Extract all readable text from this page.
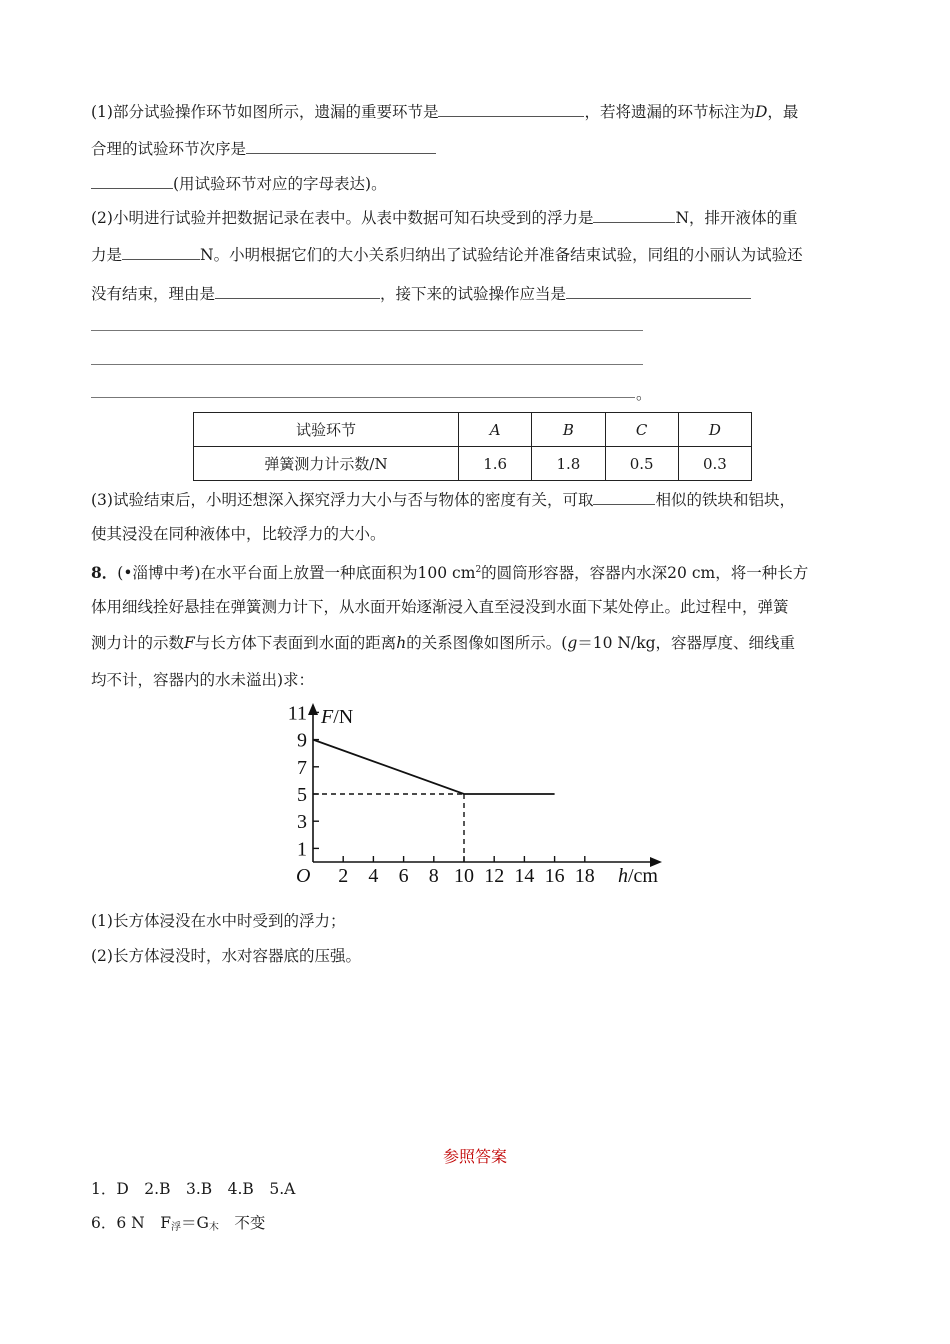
(1)部分试验操作环节如图所示，遗漏的重要环节是	，若将遗漏的环节标注为D，最
合理的试验环节次序是
(用试验环节对应的字母表达)。
(2)小明进行试验并把数据记录在表中。从表中数据可知石块受到的浮力是	N，排开液体的重
力是	N。小明根据它们的大小关系归纳出了试验结论并准备结束试验，同组的小丽认为试验还
没有结束，理由是	，接下来的试验操作应当是
。
试验环节	A	B	C	D
弹簧测力计示数/N	1.6	1.8	0.5	0.3
(3)试验结束后，小明还想深入探究浮力大小与否与物体的密度有关，可取	相似的铁块和铝块，
使其浸没在同种液体中，比较浮力的大小。
8．(•淄博中考)在水平台面上放置一种底面积为100 $cm^2$的圆筒形容器，容器内水深20 cm，将一种长方
体用细线拴好悬挂在弹簧测力计下，从水面开始逐渐浸入直至浸没到水面下某处停止。此过程中，弹簧
测力计的示数F与长方体下表面到水面的距离h的关系图像如图所示。(g＝10 N/kg，容器厚度、细线重
均不计，容器内的水未溢出)求：
O
F/N
h/cm
1
3
5
7
9
11
2 4 6 8 10 12 14 16 18
(1)长方体浸没在水中时受到的浮力；
(2)长方体浸没时，水对容器底的压强。
参照答案
1．D　2.B　3.B　4.B　5.A
6．6 N　$F_浮=G_木$　不变
